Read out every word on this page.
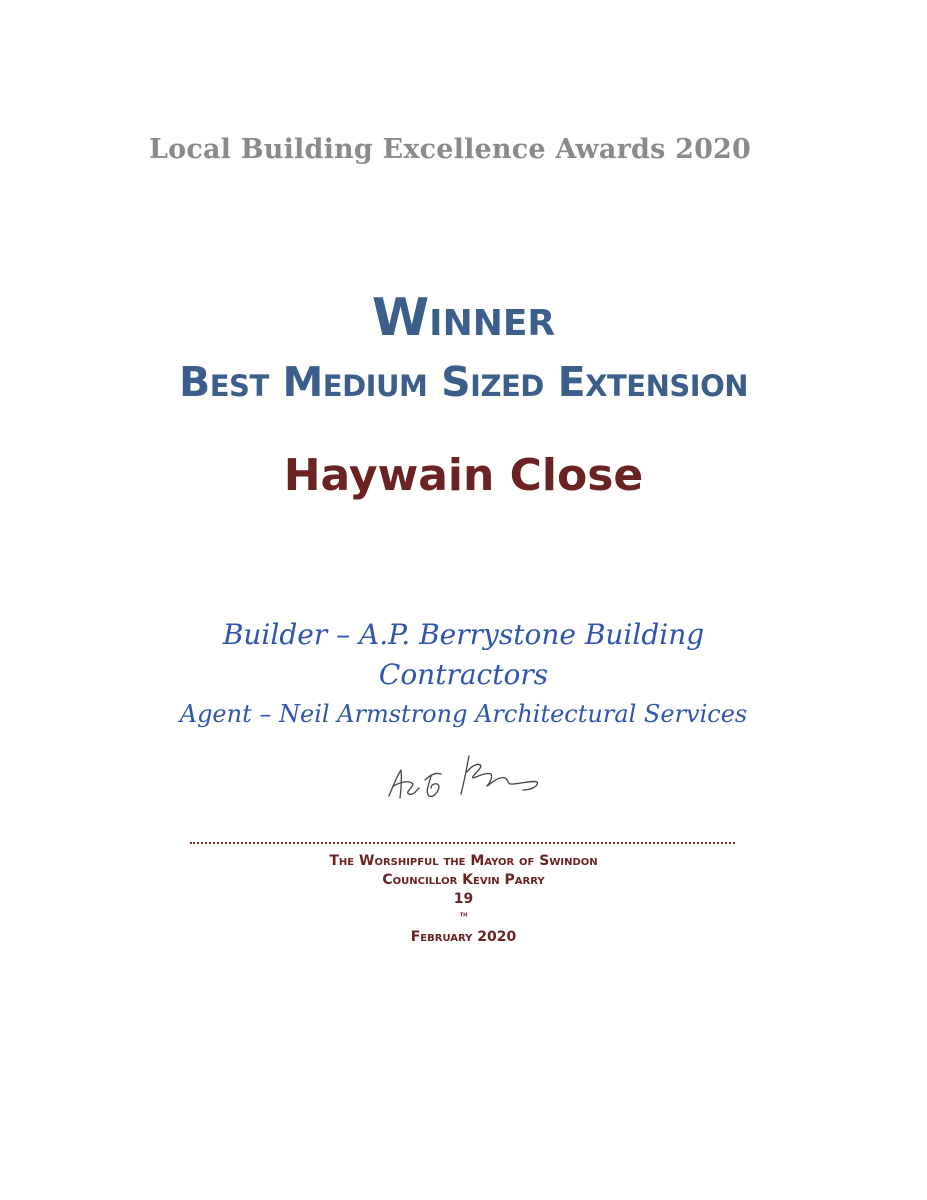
Local Building Excellence Awards 2020
Winner
Best Medium Sized Extension
Haywain Close
Builder – A.P. Berrystone Building Contractors
Agent – Neil Armstrong Architectural Services
The Worshipful the Mayor of Swindon
Councillor Kevin Parry
19
$^{th}$
February 2020
